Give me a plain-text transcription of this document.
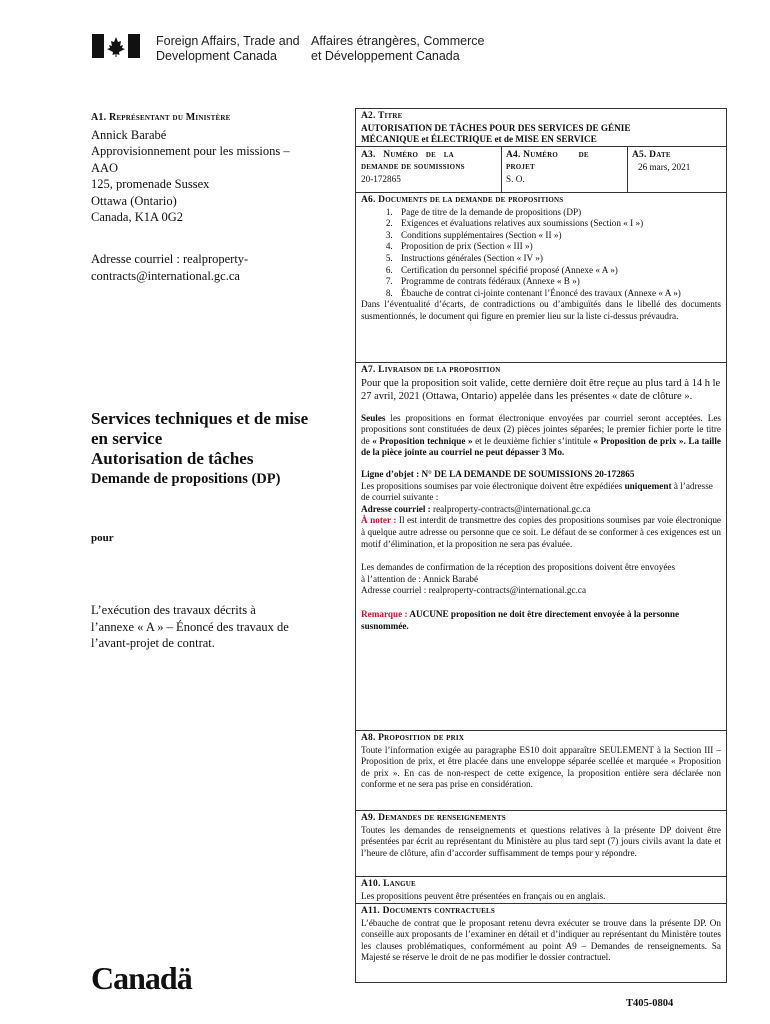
Foreign Affairs, Trade and
Development Canada
Affaires étrangères, Commerce
et Développement Canada
A1. Représentant du Ministère
Annick Barabé
Approvisionnement pour les missions –
AAO
125, promenade Sussex
Ottawa (Ontario)
Canada, K1A 0G2
Adresse courriel : realproperty-
contracts@international.gc.ca
Services techniques et de mise
en service
Autorisation de tâches
Demande de propositions (DP)
pour
L’exécution des travaux décrits à
l’annexe « A » – Énoncé des travaux de
l’avant-projet de contrat.
A2. Titre
AUTORISATION DE TÂCHES POUR DES SERVICES DE GÉNIE
MÉCANIQUE et ÉLECTRIQUE et de MISE EN SERVICE
A3.   Numéro   de   la
demande de soumissions
20-172865
A4. Numéro        de
projet
S. O.
A5. Date
26 mars, 2021
A6. Documents de la demande de propositions
1. Page de titre de la demande de propositions (DP)
2. Exigences et évaluations relatives aux soumissions (Section « I »)
3. Conditions supplémentaires (Section « II »)
4. Proposition de prix (Section « III »)
5. Instructions générales (Section « IV »)
6. Certification du personnel spécifié proposé (Annexe « A »)
7. Programme de contrats fédéraux (Annexe « B »)
8. Ébauche de contrat ci-jointe contenant l’Énoncé des travaux (Annexe « A »)
Dans l’éventualité d’écarts, de contradictions ou d’ambiguïtés dans le libellé des documents susmentionnés, le document qui figure en premier lieu sur la liste ci-dessus prévaudra.
A7. Livraison de la proposition
Pour que la proposition soit valide, cette dernière doit être reçue au plus tard à 14 h le 27 avril, 2021 (Ottawa, Ontario) appelée dans les présentes « date de clôture ».
Seules les propositions en format électronique envoyées par courriel seront acceptées. Les propositions sont constituées de deux (2) pièces jointes séparées; le premier fichier porte le titre de « Proposition technique » et le deuxième fichier s’intitule « Proposition de prix ». La taille de la pièce jointe au courriel ne peut dépasser 3 Mo.
Ligne d’objet : N° DE LA DEMANDE DE SOUMISSIONS 20-172865
Les propositions soumises par voie électronique doivent être expédiées uniquement à l’adresse de courriel suivante :
Adresse courriel : realproperty-contracts@international.gc.ca
À noter : Il est interdit de transmettre des copies des propositions soumises par voie électronique à quelque autre adresse ou personne que ce soit. Le défaut de se conformer à ces exigences est un motif d’élimination, et la proposition ne sera pas évaluée.
Les demandes de confirmation de la réception des propositions doivent être envoyées
à l’attention de : Annick Barabé
Adresse courriel : realproperty-contracts@international.gc.ca
Remarque : AUCUNE proposition ne doit être directement envoyée à la personne susnommée.
A8. Proposition de prix
Toute l’information exigée au paragraphe ES10 doit apparaître SEULEMENT à la Section III – Proposition de prix, et être placée dans une enveloppe séparée scellée et marquée « Proposition de prix ». En cas de non-respect de cette exigence, la proposition entière sera déclarée non conforme et ne sera pas prise en considération.
A9. Demandes de renseignements
Toutes les demandes de renseignements et questions relatives à la présente DP doivent être présentées par écrit au représentant du Ministère au plus tard sept (7) jours civils avant la date et l’heure de clôture, afin d’accorder suffisamment de temps pour y répondre.
A10. Langue
Les propositions peuvent être présentées en français ou en anglais.
A11. Documents contractuels
L’ébauche de contrat que le proposant retenu devra exécuter se trouve dans la présente DP. On conseille aux proposants de l’examiner en détail et d’indiquer au représentant du Ministère toutes les clauses problématiques, conformément au point A9 – Demandes de renseignements. Sa Majesté se réserve le droit de ne pas modifier le dossier contractuel.
Canadä
T405-0804
